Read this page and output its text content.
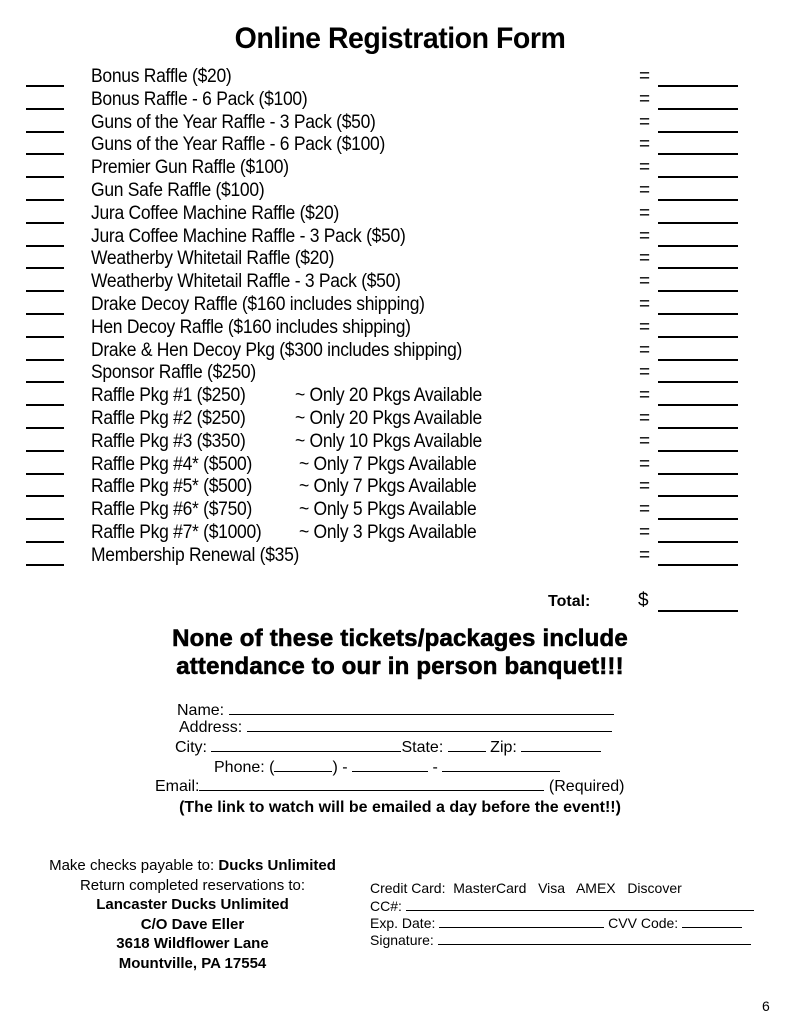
Online Registration Form
Bonus Raffle ($20)	=
Bonus Raffle - 6 Pack ($100)	=
Guns of the Year Raffle - 3 Pack ($50)	=
Guns of the Year Raffle - 6 Pack ($100)	=
Premier Gun Raffle ($100)	=
Gun Safe Raffle ($100)	=
Jura Coffee Machine Raffle ($20)	=
Jura Coffee Machine Raffle - 3 Pack ($50)	=
Weatherby Whitetail Raffle ($20)	=
Weatherby Whitetail Raffle - 3 Pack ($50)	=
Drake Decoy Raffle ($160 includes shipping)	=
Hen Decoy Raffle ($160 includes shipping)	=
Drake & Hen Decoy Pkg ($300 includes shipping)	=
Sponsor Raffle ($250)	=
Raffle Pkg #1 ($250)	~ Only 20 Pkgs Available	=
Raffle Pkg #2 ($250)	~ Only 20 Pkgs Available	=
Raffle Pkg #3 ($350)	~ Only 10 Pkgs Available	=
Raffle Pkg #4* ($500) ~ Only 7 Pkgs Available	=
Raffle Pkg #5* ($500) ~ Only 7 Pkgs Available	=
Raffle Pkg #6* ($750) ~ Only 5 Pkgs Available	=
Raffle Pkg #7* ($1000) ~ Only 3 Pkgs Available	=
Membership Renewal ($35)	=
Total:	$
None of these tickets/packages include
attendance to our in person banquet!!!
Name:
Address:
City:	State:	Zip:
Phone: (	) -	-
Email:	(Required)
(The link to watch will be emailed a day before the event!!)
Make checks payable to: Ducks Unlimited
Return completed reservations to:
Lancaster Ducks Unlimited
C/O Dave Eller
3618 Wildflower Lane
Mountville, PA 17554
Credit Card: MasterCard Visa AMEX Discover
CC#:
Exp. Date:	CVV Code:
Signature:
6
